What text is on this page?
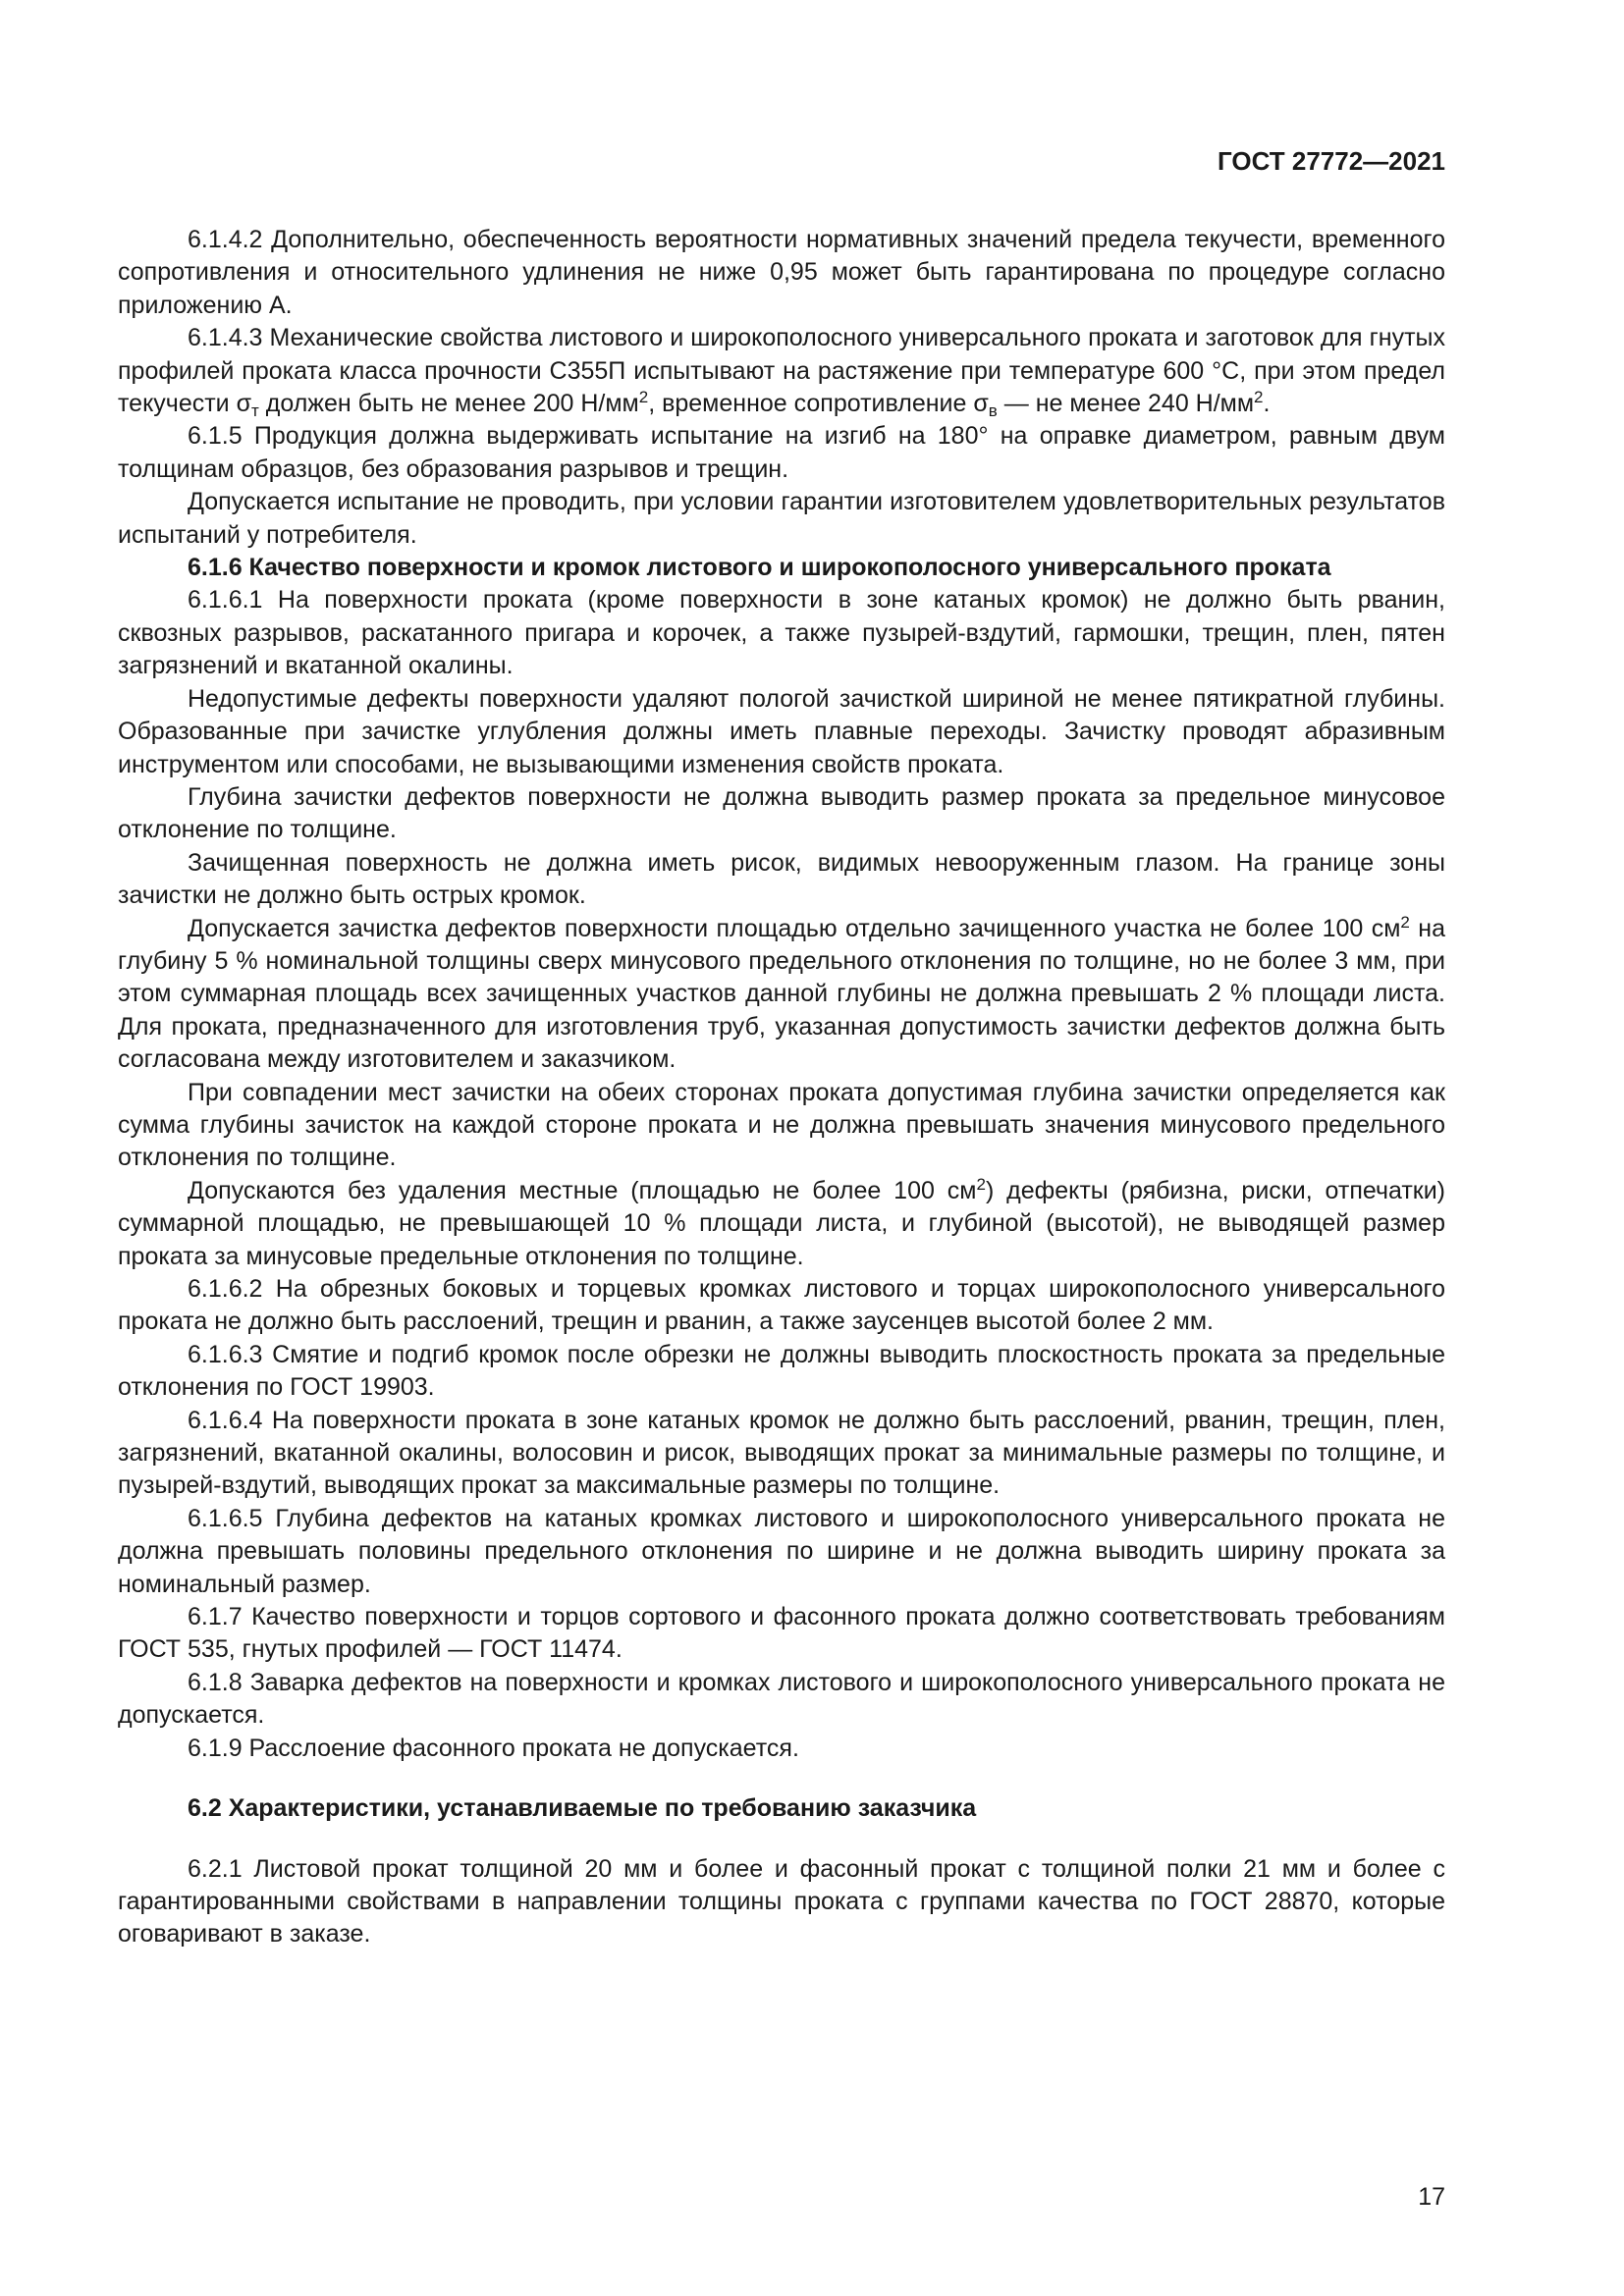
ГОСТ 27772—2021

6.1.4.2 Дополнительно, обеспеченность вероятности нормативных значений предела текучести, временного сопротивления и относительного удлинения не ниже 0,95 может быть гарантирована по процедуре согласно приложению А.

6.1.4.3 Механические свойства листового и широкополосного универсального проката и заготовок для гнутых профилей проката класса прочности С355П испытывают на растяжение при температуре 600 °С, при этом предел текучести $\sigma_т$ должен быть не менее 200 $Н/мм^2$, временное сопротивление $\sigma_в$ — не менее 240 $Н/мм^2$.

6.1.5 Продукция должна выдерживать испытание на изгиб на 180° на оправке диаметром, равным двум толщинам образцов, без образования разрывов и трещин.

Допускается испытание не проводить, при условии гарантии изготовителем удовлетворительных результатов испытаний у потребителя.

6.1.6 Качество поверхности и кромок листового и широкополосного универсального проката

6.1.6.1 На поверхности проката (кроме поверхности в зоне катаных кромок) не должно быть рванин, сквозных разрывов, раскатанного пригара и корочек, а также пузырей-вздутий, гармошки, трещин, плен, пятен загрязнений и вкатанной окалины.

Недопустимые дефекты поверхности удаляют пологой зачисткой шириной не менее пятикратной глубины. Образованные при зачистке углубления должны иметь плавные переходы. Зачистку проводят абразивным инструментом или способами, не вызывающими изменения свойств проката.

Глубина зачистки дефектов поверхности не должна выводить размер проката за предельное минусовое отклонение по толщине.

Зачищенная поверхность не должна иметь рисок, видимых невооруженным глазом. На границе зоны зачистки не должно быть острых кромок.

Допускается зачистка дефектов поверхности площадью отдельно зачищенного участка не более 100 $см^2$ на глубину 5 % номинальной толщины сверх минусового предельного отклонения по толщине, но не более 3 мм, при этом суммарная площадь всех зачищенных участков данной глубины не должна превышать 2 % площади листа. Для проката, предназначенного для изготовления труб, указанная допустимость зачистки дефектов должна быть согласована между изготовителем и заказчиком.

При совпадении мест зачистки на обеих сторонах проката допустимая глубина зачистки определяется как сумма глубины зачисток на каждой стороне проката и не должна превышать значения минусового предельного отклонения по толщине.

Допускаются без удаления местные (площадью не более 100 $см^2$) дефекты (рябизна, риски, отпечатки) суммарной площадью, не превышающей 10 % площади листа, и глубиной (высотой), не выводящей размер проката за минусовые предельные отклонения по толщине.

6.1.6.2 На обрезных боковых и торцевых кромках листового и торцах широкополосного универсального проката не должно быть расслоений, трещин и рванин, а также заусенцев высотой более 2 мм.

6.1.6.3 Смятие и подгиб кромок после обрезки не должны выводить плоскостность проката за предельные отклонения по ГОСТ 19903.

6.1.6.4 На поверхности проката в зоне катаных кромок не должно быть расслоений, рванин, трещин, плен, загрязнений, вкатанной окалины, волосовин и рисок, выводящих прокат за минимальные размеры по толщине, и пузырей-вздутий, выводящих прокат за максимальные размеры по толщине.

6.1.6.5 Глубина дефектов на катаных кромках листового и широкополосного универсального проката не должна превышать половины предельного отклонения по ширине и не должна выводить ширину проката за номинальный размер.

6.1.7 Качество поверхности и торцов сортового и фасонного проката должно соответствовать требованиям ГОСТ 535, гнутых профилей — ГОСТ 11474.

6.1.8 Заварка дефектов на поверхности и кромках листового и широкополосного универсального проката не допускается.

6.1.9 Расслоение фасонного проката не допускается.

6.2 Характеристики, устанавливаемые по требованию заказчика

6.2.1 Листовой прокат толщиной 20 мм и более и фасонный прокат с толщиной полки 21 мм и более с гарантированными свойствами в направлении толщины проката с группами качества по ГОСТ 28870, которые оговаривают в заказе.

17
